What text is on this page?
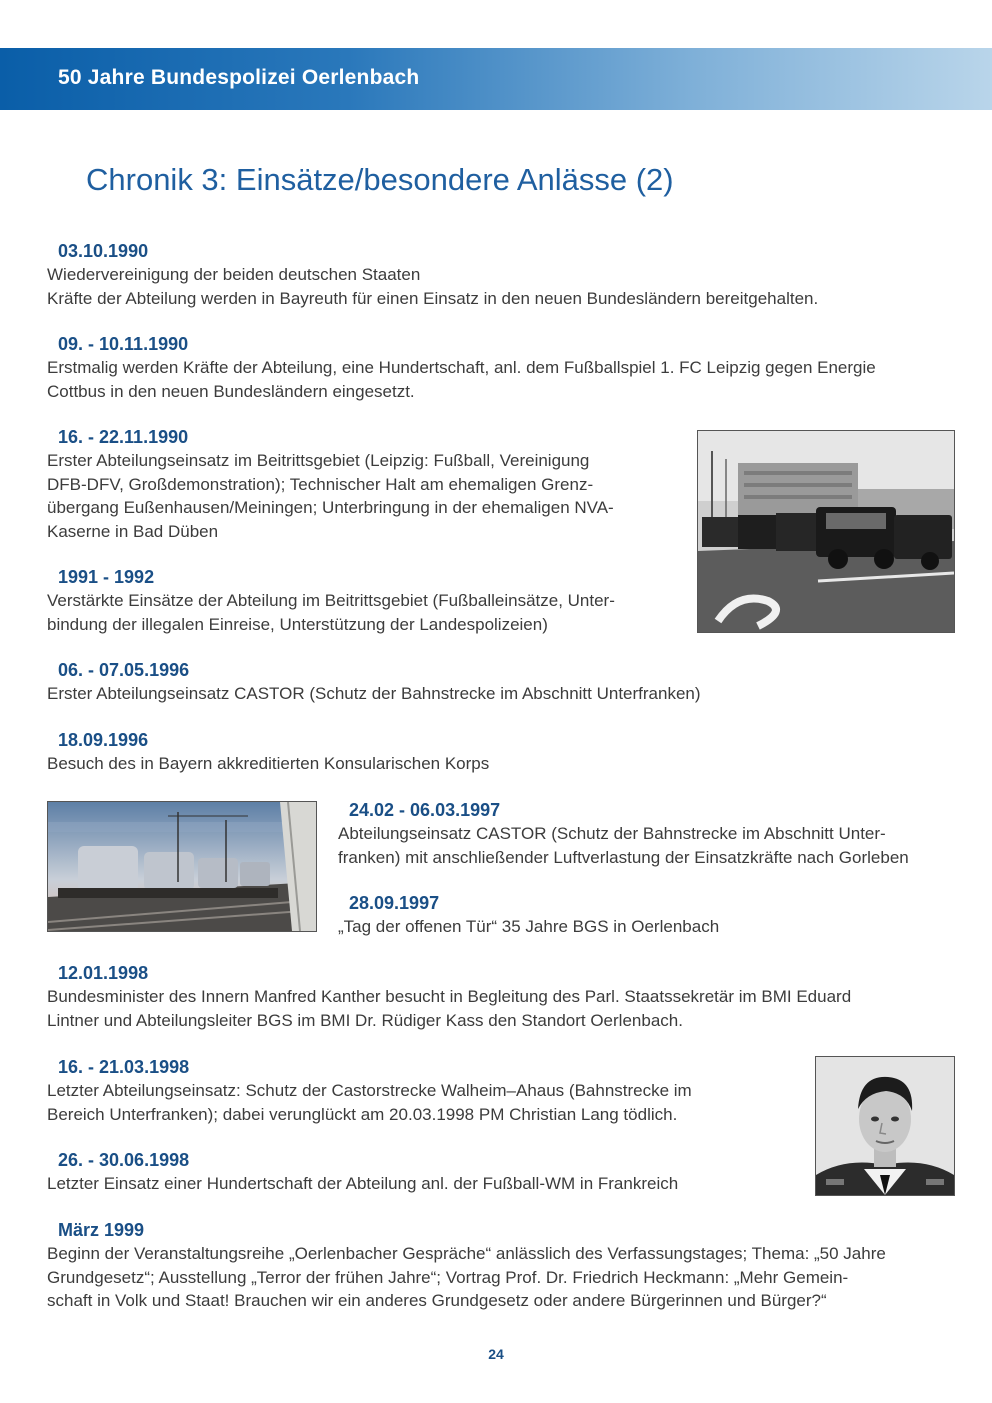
50 Jahre Bundespolizei Oerlenbach
Chronik 3: Einsätze/besondere Anlässe (2)
03.10.1990
Wiedervereinigung der beiden deutschen Staaten
Kräfte der Abteilung werden in Bayreuth für einen Einsatz in den neuen Bundesländern bereitgehalten.
09. - 10.11.1990
Erstmalig werden Kräfte der Abteilung, eine Hundertschaft, anl. dem Fußballspiel 1. FC Leipzig gegen Energie
Cottbus in den neuen Bundesländern eingesetzt.
16. - 22.11.1990
Erster Abteilungseinsatz im Beitrittsgebiet (Leipzig: Fußball, Vereinigung
DFB-DFV, Großdemonstration); Technischer Halt am ehemaligen Grenz-
übergang Eußenhausen/Meiningen; Unterbringung in der ehemaligen NVA-
Kaserne in Bad Düben
1991 - 1992
Verstärkte Einsätze der Abteilung im Beitrittsgebiet (Fußballeinsätze, Unter-
bindung der illegalen Einreise, Unterstützung der Landespolizeien)
06. - 07.05.1996
Erster Abteilungseinsatz CASTOR (Schutz der Bahnstrecke im Abschnitt Unterfranken)
18.09.1996
Besuch des in Bayern akkreditierten Konsularischen Korps
24.02 - 06.03.1997
Abteilungseinsatz CASTOR (Schutz der Bahnstrecke im Abschnitt Unter-
franken) mit anschließender Luftverlastung der Einsatzkräfte nach Gorleben
28.09.1997
„Tag der offenen Tür“ 35 Jahre BGS in Oerlenbach
12.01.1998
Bundesminister des Innern Manfred Kanther besucht in Begleitung des Parl. Staatssekretär im BMI Eduard
Lintner und Abteilungsleiter BGS im BMI Dr. Rüdiger Kass den Standort Oerlenbach.
16. - 21.03.1998
Letzter Abteilungseinsatz: Schutz der Castorstrecke Walheim–Ahaus (Bahnstrecke im
Bereich Unterfranken); dabei verunglückt am 20.03.1998 PM Christian Lang tödlich.
26. - 30.06.1998
Letzter Einsatz einer Hundertschaft der Abteilung anl. der Fußball-WM in Frankreich
März 1999
Beginn der Veranstaltungsreihe „Oerlenbacher Gespräche“ anlässlich des Verfassungstages; Thema: „50 Jahre
Grundgesetz“; Ausstellung „Terror der frühen Jahre“; Vortrag Prof. Dr. Friedrich Heckmann: „Mehr Gemein-
schaft in Volk und Staat! Brauchen wir ein anderes Grundgesetz oder andere Bürgerinnen und Bürger?“
24
